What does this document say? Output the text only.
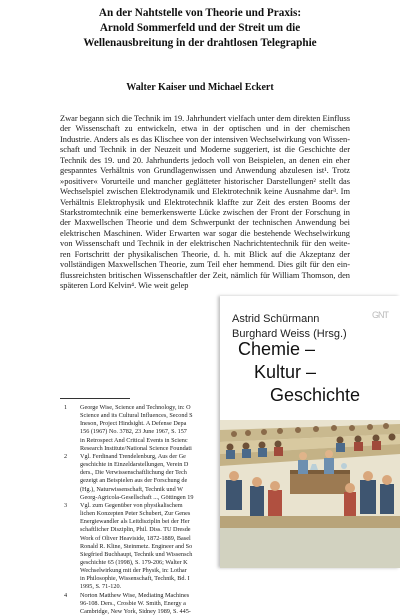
An der Nahtstelle von Theorie und Praxis:
Arnold Sommerfeld und der Streit um die
Wellenausbreitung in der drahtlosen Telegraphie
Walter Kaiser und Michael Eckert
Zwar begann sich die Technik im 19. Jahrhundert vielfach unter dem direkten Einfluss
der Wissenschaft zu entwickeln, etwa in der optischen und in der chemischen
Industrie. Anders als es das Klischee von der intensiven Wechselwirkung von Wissen-
schaft und Technik in der Neuzeit und Moderne suggeriert, ist die Geschichte der
Technik des 19. und 20. Jahrhunderts jedoch voll von Beispielen, an denen ein eher
gespanntes Verhältnis von Grundlagenwissen und Anwendung abzulesen ist¹. Trotz
»positiver« Vorurteile und mancher geglätteter historischer Darstellungen² stellt das
Wechselspiel zwischen Elektrodynamik und Elektrotechnik keine Ausnahme dar³. Im
Verhältnis Elektrophysik und Elektrotechnik klaffte zur Zeit des ersten Booms der
Starkstromtechnik eine bemerkenswerte Lücke zwischen der Front der Forschung in
der Maxwellschen Theorie und dem Schwerpunkt der technischen Anwendung bei
elektrischen Maschinen. Wider Erwarten war sogar die bestehende Wechselwirkung
von Wissenschaft und Technik in der elektrischen Nachrichtentechnik für den weite-
ren Fortschritt der physikalischen Theorie, d. h. mit Blick auf die Akzeptanz der
vollständigen Maxwellschen Theorie, zum Teil eher hemmend. Dies gilt für den ein-
flussreichsten britischen Wissenschaftler der Zeit, nämlich für William Thomson, den
späteren Lord Kelvin⁴. Wie weit gelep
1 George Wise, Science and Technology, in: O
Science and its Cultural Influences, Second S
Ineson, Project Hindsight. A Defense Depa
156 (1967) No. 3782, 23 June 1967, S. 157
in Retrospect And Critical Events in Scienc
Research Institute/National Science Foundati
2 Vgl. Ferdinand Trendelenburg, Aus der Ge
geschichte in Einzeldarstellungen, Verein D
ders., Die Verwissenschaftlichung der Tech
gezeigt an Beispielen aus der Forschung de
(Hg.), Naturwissenschaft, Technik und W
Georg-Agricola-Gesellschaft ..., Göttingen 19
3 Vgl. zum Gegenüber von physikalischem
lichen Konzepten Peter Schubert, Zur Genes
Energiewandler als Leitdisziplin bei der Her
schaftlicher Disziplin, Phil. Diss. TU Dresde
Work of Oliver Heaviside, 1872-1889, Basel
Ronald R. Kline, Steinmetz. Engineer and So
Siegfried Buchhaupt, Technik und Wissensch
geschichte 65 (1998), S. 179-206; Walter K
Wechselwirkung mit der Physik, in: Lothar
in Philosophie, Wissenschaft, Technik, Bd. I
1995, S. 71-120.
4 Norton Matthew Wise, Mediating Machines
96-108. Ders., Crosbie W. Smith, Energy a
Cambridge, New York, Sidney 1989, S. 445-
Astrid Schürmann
Burghard Weiss (Hrsg.)
GNT
Chemie –
Kultur –
Geschichte
